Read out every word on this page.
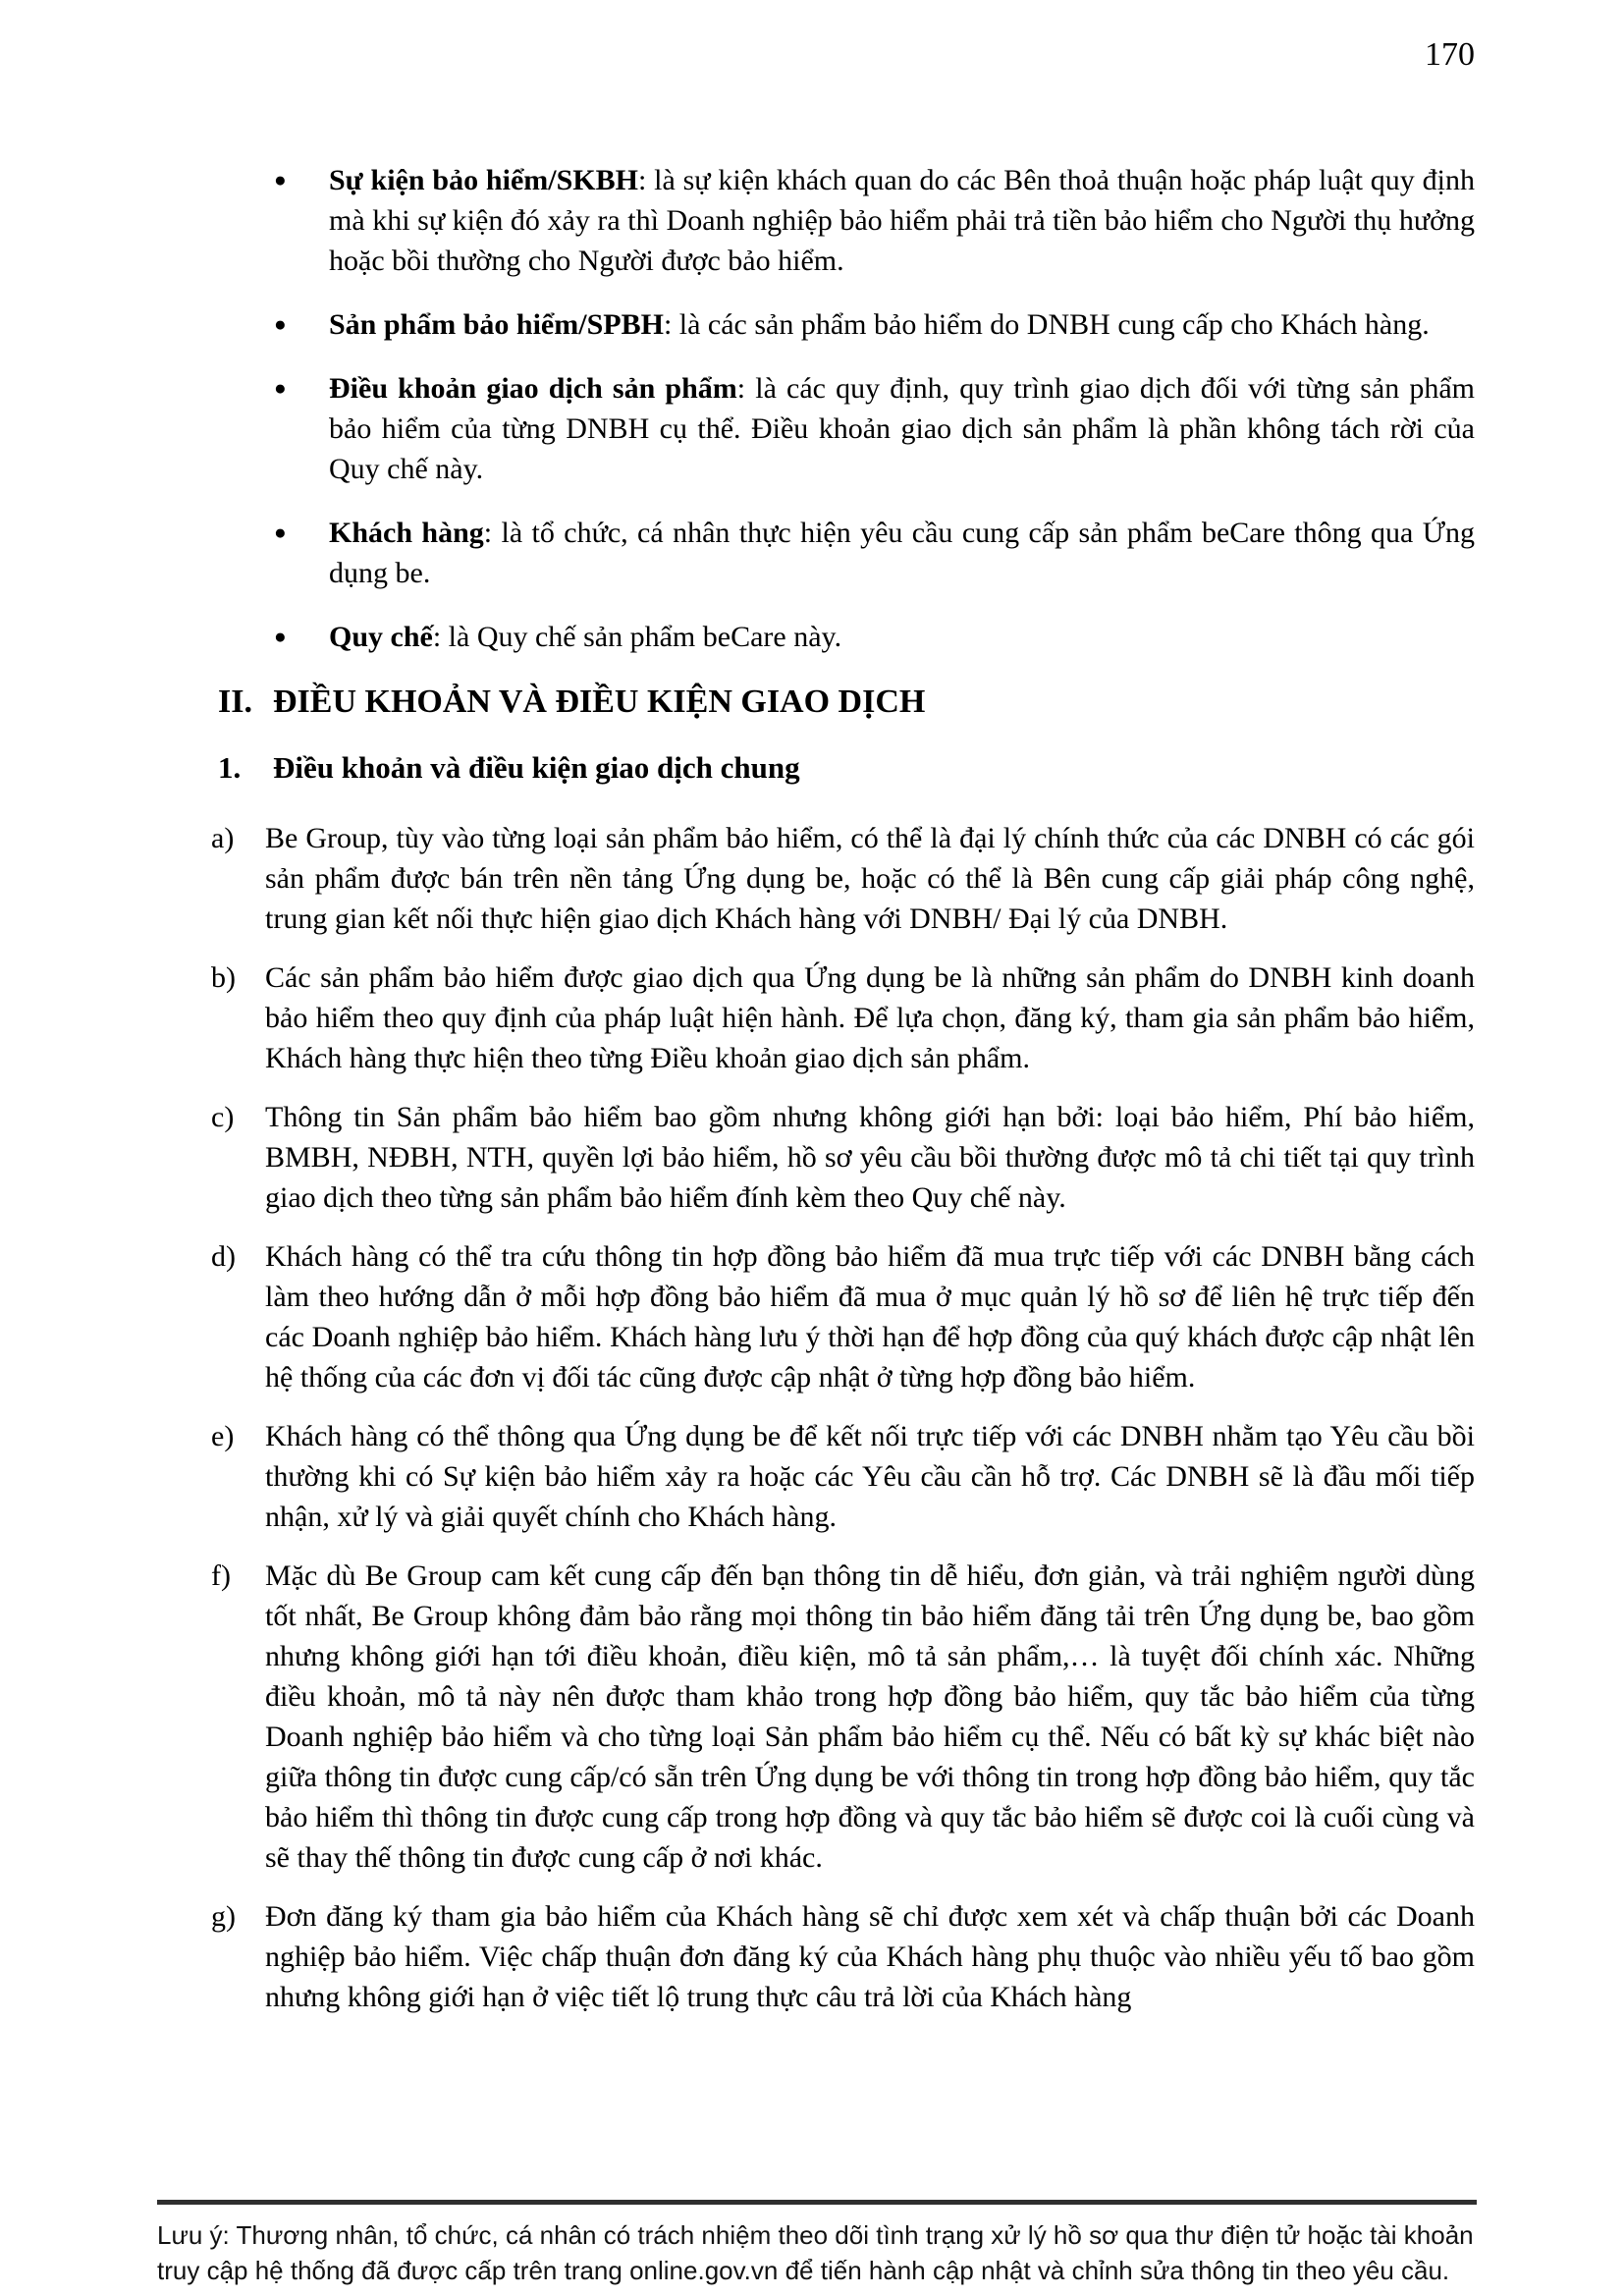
170
●	Sự kiện bảo hiểm/SKBH: là sự kiện khách quan do các Bên thoả thuận hoặc pháp luật quy định mà khi sự kiện đó xảy ra thì Doanh nghiệp bảo hiểm phải trả tiền bảo hiểm cho Người thụ hưởng hoặc bồi thường cho Người được bảo hiểm.
●	Sản phẩm bảo hiểm/SPBH: là các sản phẩm bảo hiểm do DNBH cung cấp cho Khách hàng.
●	Điều khoản giao dịch sản phẩm: là các quy định, quy trình giao dịch đối với từng sản phẩm bảo hiểm của từng DNBH cụ thể. Điều khoản giao dịch sản phẩm là phần không tách rời của Quy chế này.
●	Khách hàng: là tổ chức, cá nhân thực hiện yêu cầu cung cấp sản phẩm beCare thông qua Ứng dụng be.
●	Quy chế: là Quy chế sản phẩm beCare này.
II. ĐIỀU KHOẢN VÀ ĐIỀU KIỆN GIAO DỊCH
1.	Điều khoản và điều kiện giao dịch chung
a)	Be Group, tùy vào từng loại sản phẩm bảo hiểm, có thể là đại lý chính thức của các DNBH có các gói sản phẩm được bán trên nền tảng Ứng dụng be, hoặc có thể là Bên cung cấp giải pháp công nghệ, trung gian kết nối thực hiện giao dịch Khách hàng với DNBH/ Đại lý của DNBH.
b)	Các sản phẩm bảo hiểm được giao dịch qua Ứng dụng be là những sản phẩm do DNBH kinh doanh bảo hiểm theo quy định của pháp luật hiện hành. Để lựa chọn, đăng ký, tham gia sản phẩm bảo hiểm, Khách hàng thực hiện theo từng Điều khoản giao dịch sản phẩm.
c)	Thông tin Sản phẩm bảo hiểm bao gồm nhưng không giới hạn bởi: loại bảo hiểm, Phí bảo hiểm, BMBH, NĐBH, NTH, quyền lợi bảo hiểm, hồ sơ yêu cầu bồi thường được mô tả chi tiết tại quy trình giao dịch theo từng sản phẩm bảo hiểm đính kèm theo Quy chế này.
d)	Khách hàng có thể tra cứu thông tin hợp đồng bảo hiểm đã mua trực tiếp với các DNBH bằng cách làm theo hướng dẫn ở mỗi hợp đồng bảo hiểm đã mua ở mục quản lý hồ sơ để liên hệ trực tiếp đến các Doanh nghiệp bảo hiểm. Khách hàng lưu ý thời hạn để hợp đồng của quý khách được cập nhật lên hệ thống của các đơn vị đối tác cũng được cập nhật ở từng hợp đồng bảo hiểm.
e)	Khách hàng có thể thông qua Ứng dụng be để kết nối trực tiếp với các DNBH nhằm tạo Yêu cầu bồi thường khi có Sự kiện bảo hiểm xảy ra hoặc các Yêu cầu cần hỗ trợ. Các DNBH sẽ là đầu mối tiếp nhận, xử lý và giải quyết chính cho Khách hàng.
f)	Mặc dù Be Group cam kết cung cấp đến bạn thông tin dễ hiểu, đơn giản, và trải nghiệm người dùng tốt nhất, Be Group không đảm bảo rằng mọi thông tin bảo hiểm đăng tải trên Ứng dụng be, bao gồm nhưng không giới hạn tới điều khoản, điều kiện, mô tả sản phẩm,… là tuyệt đối chính xác. Những điều khoản, mô tả này nên được tham khảo trong hợp đồng bảo hiểm, quy tắc bảo hiểm của từng Doanh nghiệp bảo hiểm và cho từng loại Sản phẩm bảo hiểm cụ thể. Nếu có bất kỳ sự khác biệt nào giữa thông tin được cung cấp/có sẵn trên Ứng dụng be với thông tin trong hợp đồng bảo hiểm, quy tắc bảo hiểm thì thông tin được cung cấp trong hợp đồng và quy tắc bảo hiểm sẽ được coi là cuối cùng và sẽ thay thế thông tin được cung cấp ở nơi khác.
g)	Đơn đăng ký tham gia bảo hiểm của Khách hàng sẽ chỉ được xem xét và chấp thuận bởi các Doanh nghiệp bảo hiểm. Việc chấp thuận đơn đăng ký của Khách hàng phụ thuộc vào nhiều yếu tố bao gồm nhưng không giới hạn ở việc tiết lộ trung thực câu trả lời của Khách hàng
Lưu ý: Thương nhân, tổ chức, cá nhân có trách nhiệm theo dõi tình trạng xử lý hồ sơ qua thư điện tử hoặc tài khoản truy cập hệ thống đã được cấp trên trang online.gov.vn để tiến hành cập nhật và chỉnh sửa thông tin theo yêu cầu.
